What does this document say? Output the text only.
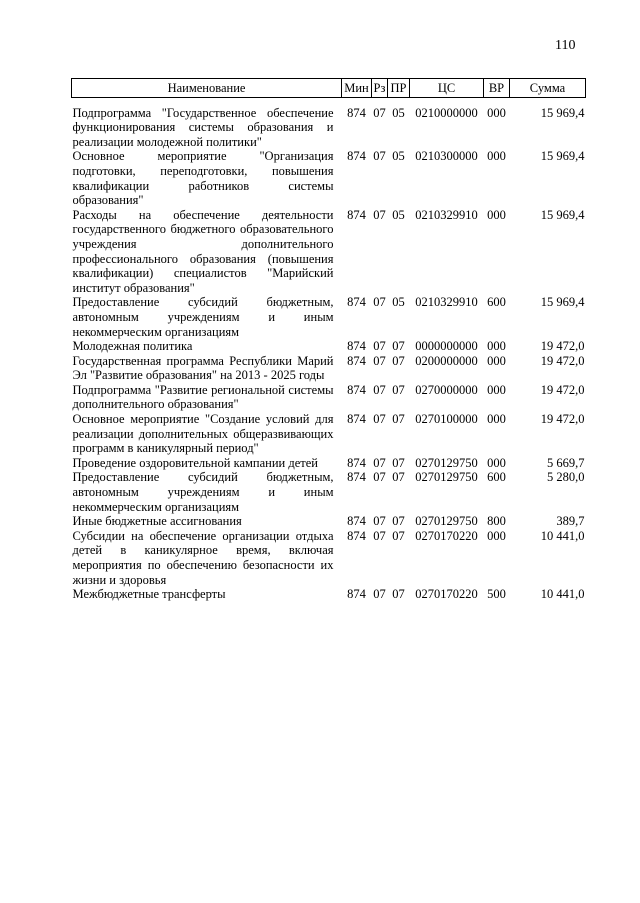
110
Наименование	Мин	Рз	ПР	ЦС	ВР	Сумма
Подпрограмма "Государственное обеспечение функционирования системы образования и реализации молодежной политики"	874	07	05	0210000000	000	15 969,4
Основное мероприятие "Организация подготовки, переподготовки, повышения квалификации работников системы образования"	874	07	05	0210300000	000	15 969,4
Расходы на обеспечение деятельности государственного бюджетного образовательного учреждения дополнительного профессионального образования (повышения квалификации) специалистов "Марийский институт образования"	874	07	05	0210329910	000	15 969,4
Предоставление субсидий бюджетным, автономным учреждениям и иным некоммерческим организациям	874	07	05	0210329910	600	15 969,4
Молодежная политика	874	07	07	0000000000	000	19 472,0
Государственная программа Республики Марий Эл "Развитие образования" на 2013 - 2025 годы	874	07	07	0200000000	000	19 472,0
Подпрограмма "Развитие региональной системы дополнительного образования"	874	07	07	0270000000	000	19 472,0
Основное мероприятие "Создание условий для реализации дополнительных общеразвивающих программ в каникулярный период"	874	07	07	0270100000	000	19 472,0
Проведение оздоровительной кампании детей	874	07	07	0270129750	000	5 669,7
Предоставление субсидий бюджетным, автономным учреждениям и иным некоммерческим организациям	874	07	07	0270129750	600	5 280,0
Иные бюджетные ассигнования	874	07	07	0270129750	800	389,7
Субсидии на обеспечение организации отдыха детей в каникулярное время, включая мероприятия по обеспечению безопасности их жизни и здоровья	874	07	07	0270170220	000	10 441,0
Межбюджетные трансферты	874	07	07	0270170220	500	10 441,0
